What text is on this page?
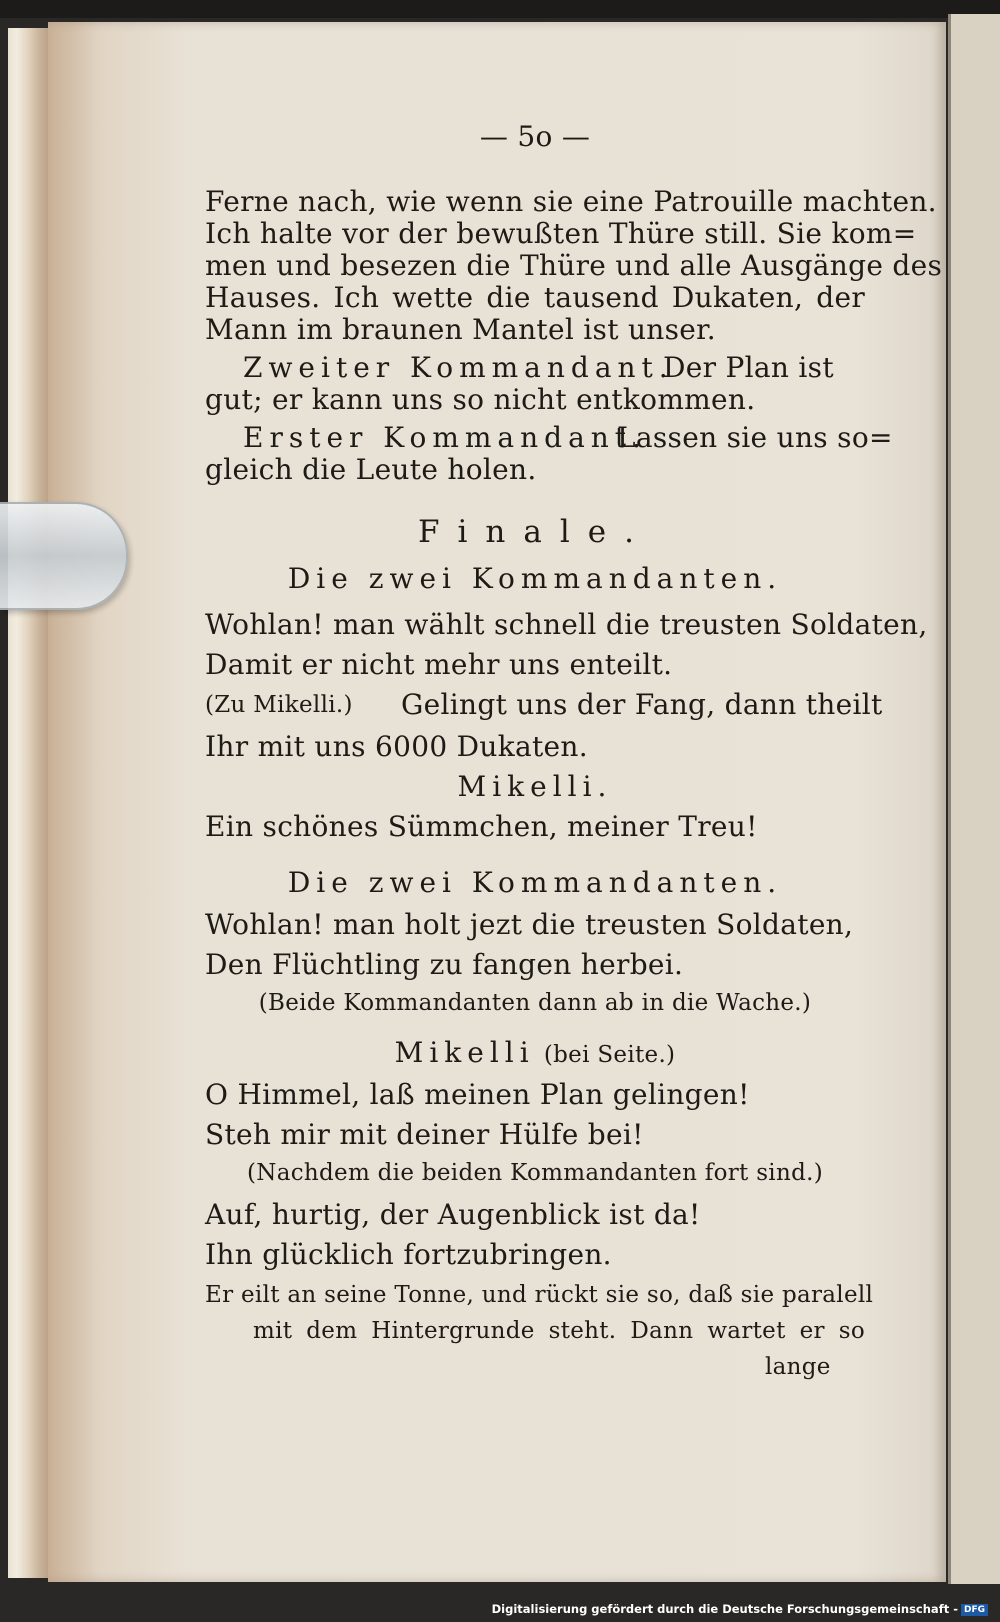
— 5o —
Ferne nach, wie wenn sie eine Patrouille machten.
Ich halte vor der bewußten Thüre still. Sie kom=
men und besezen die Thüre und alle Ausgänge des
Hauses. Ich wette die tausend Dukaten, der
Mann im braunen Mantel ist unser.
Zweiter Kommandant.
Der Plan ist
gut; er kann uns so nicht entkommen.
Erster Kommandant.
Lassen sie uns so=
gleich die Leute holen.
Finale.
Die zwei Kommandanten.
Wohlan! man wählt schnell die treusten Soldaten,
Damit er nicht mehr uns enteilt.
(Zu Mikelli.) Gelingt uns der Fang, dann theilt
Ihr mit uns 6000 Dukaten.
Mikelli.
Ein schönes Sümmchen, meiner Treu!
Die zwei Kommandanten.
Wohlan! man holt jezt die treusten Soldaten,
Den Flüchtling zu fangen herbei.
(Beide Kommandanten dann ab in die Wache.)
Mikelli (bei Seite.)
O Himmel, laß meinen Plan gelingen!
Steh mir mit deiner Hülfe bei!
(Nachdem die beiden Kommandanten fort sind.)
Auf, hurtig, der Augenblick ist da!
Ihn glücklich fortzubringen.
Er eilt an seine Tonne, und rückt sie so, daß sie paralell
mit dem Hintergrunde steht. Dann wartet er so
lange
Digitalisierung gefördert durch die Deutsche Forschungsgemeinschaft - DFG
